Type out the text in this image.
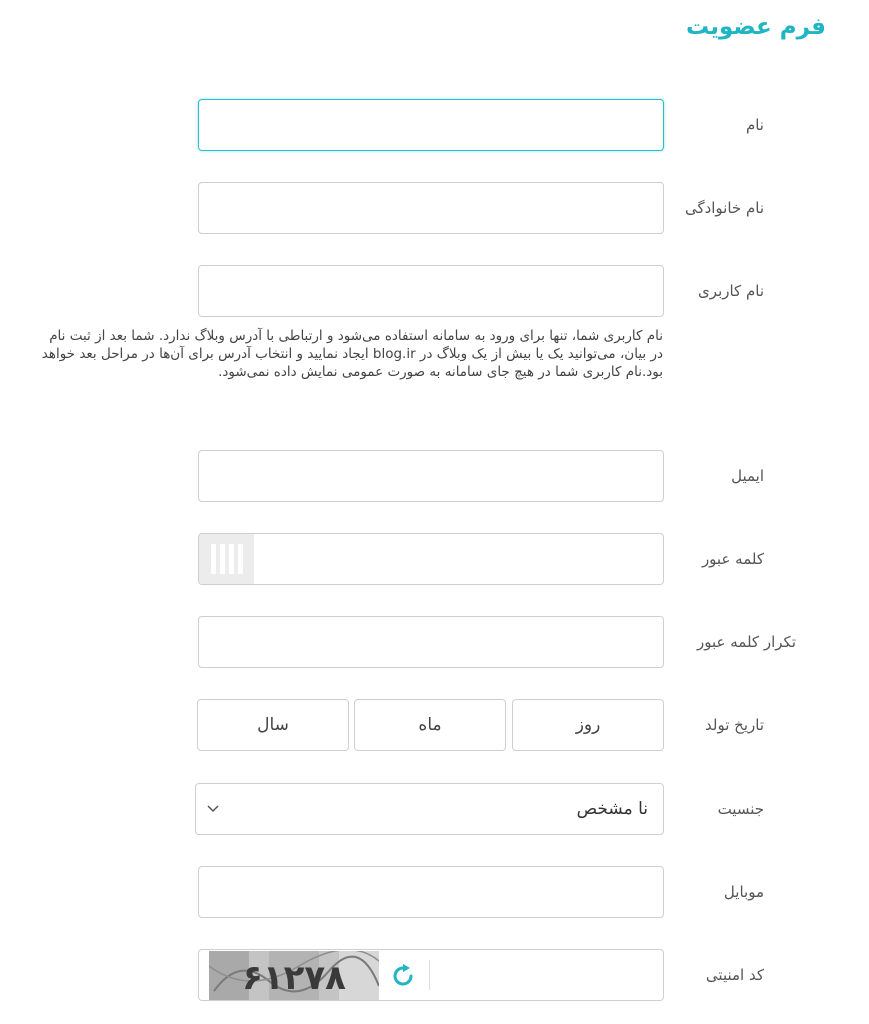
فرم عضویت
نام
نام خانوادگی
نام کاربری
نام کاربری شما، تنها برای ورود به سامانه استفاده می‌شود و ارتباطی با آدرس وبلاگ ندارد. شما بعد از ثبت نام در بیان، می‌توانید یک یا بیش از یک وبلاگ در blog.ir ایجاد نمایید و انتخاب آدرس برای آن‌ها در مراحل بعد خواهد بود.نام کاربری شما در هیچ جای سامانه به صورت عمومی نمایش داده نمی‌شود.
ایمیل
کلمه عبور
تکرار کلمه عبور
تاریخ تولد
روز
ماه
سال
جنسیت
نا مشخص
موبایل
کد امنیتی
۶۱۲۷۸
